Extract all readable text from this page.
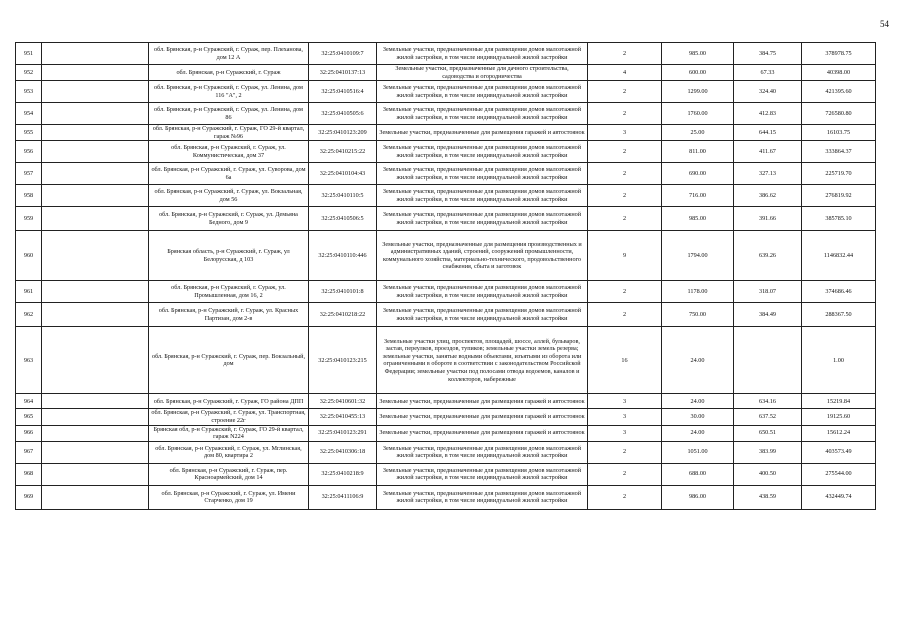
54
951		обл. Брянская, р-н Суражский, г. Сураж, пер. Плеханова, дом 12 А	32:25:0410109:7	Земельные участки, предназначенные для размещения домов малоэтажной жилой застройки, в том числе индивидуальной жилой застройки	2	985.00	384.75	378978.75
952		обл. Брянская, р-н Суражский, г. Сураж	32:25:0410137:13	Земельные участки, предназначенные для дачного строительства, садоводства и огородничества	4	600.00	67.33	40398.00
953		обл. Брянская, р-н Суражский, г. Сураж, ул. Ленина, дом 116 "А", 2	32:25:0410516:4	Земельные участки, предназначенные для размещения домов малоэтажной жилой застройки, в том числе индивидуальной жилой застройки	2	1299.00	324.40	421395.60
954		обл. Брянская, р-н Суражский, г. Сураж, ул. Ленина, дом 86	32:25:0410505:6	Земельные участки, предназначенные для размещения домов малоэтажной жилой застройки, в том числе индивидуальной жилой застройки	2	1760.00	412.83	726580.80
955		обл. Брянская, р-н Суражский, г. Сураж, ГО 29-й квартал, гараж №96	32:25:0410123:209	Земельные участки, предназначенные для размещения гаражей и автостоянок	3	25.00	644.15	16103.75
956		обл. Брянская, р-н Суражский, г. Сураж, ул. Коммунистическая, дом 37	32:25:0410215:22	Земельные участки, предназначенные для размещения домов малоэтажной жилой застройки, в том числе индивидуальной жилой застройки	2	811.00	411.67	333864.37
957		обл. Брянская, р-н Суражский, г. Сураж, ул. Суворова, дом 6а	32:25:0410104:43	Земельные участки, предназначенные для размещения домов малоэтажной жилой застройки, в том числе индивидуальной жилой застройки	2	690.00	327.13	225719.70
958		обл. Брянская, р-н Суражский, г. Сураж, ул. Вокзальная, дом 56	32:25:0410110:5	Земельные участки, предназначенные для размещения домов малоэтажной жилой застройки, в том числе индивидуальной жилой застройки	2	716.00	386.62	276819.92
959		обл. Брянская, р-н Суражский, г. Сураж, ул. Демьяна Бедного, дом 9	32:25:0410506:5	Земельные участки, предназначенные для размещения домов малоэтажной жилой застройки, в том числе индивидуальной жилой застройки	2	985.00	391.66	385785.10
960		Брянская область, р-н Суражский, г. Сураж, ул Белорусская, д 103	32:25:0410110:446	Земельные участки, предназначенные для размещения производственных и административных зданий, строений, сооружений промышленности, коммунального хозяйства, материально-технического, продовольственного снабжения, сбыта и заготовок	9	1794.00	639.26	1146832.44
961		обл. Брянская, р-н Суражский, г. Сураж, ул. Промышленная, дом 16, 2	32:25:0410101:8	Земельные участки, предназначенные для размещения домов малоэтажной жилой застройки, в том числе индивидуальной жилой застройки	2	1178.00	318.07	374686.46
962		обл. Брянская, р-н Суражский, г. Сураж, ул. Красных Партизан, дом 2-в	32:25:0410218:22	Земельные участки, предназначенные для размещения домов малоэтажной жилой застройки, в том числе индивидуальной жилой застройки	2	750.00	384.49	288367.50
963		обл. Брянская, р-н Суражский, г. Сураж, пер. Вокзальный, дом	32:25:0410123:215	Земельные участки улиц, проспектов, площадей, шоссе, аллей, бульваров, застав, переулков, проездов, тупиков; земельные участки земель резерва; земельные участки, занятые водными объектами, изъятыми из оборота или ограниченными в обороте в соответствии с законодательством Российской Федерации; земельные участки под полосами отвода водоемов, каналов и коллекторов, набережные	16	24.00		1.00
964		обл. Брянская, р-н Суражский, г. Сураж, ГО района ДПП	32:25:0410601:32	Земельные участки, предназначенные для размещения гаражей и автостоянок	3	24.00	634.16	15219.84
965		обл. Брянская, р-н Суражский, г. Сураж, ул. Транспортная, строение 22г	32:25:0410455:13	Земельные участки, предназначенные для размещения гаражей и автостоянок	3	30.00	637.52	19125.60
966		Брянская обл, р-н Суражский, г. Сураж, ГО 29-й квартал, гараж N224	32:25:0410123:291	Земельные участки, предназначенные для размещения гаражей и автостоянок	3	24.00	650.51	15612.24
967		обл. Брянская, р-н Суражский, г. Сураж, ул. Мглинская, дом 80, квартира 2	32:25:0410306:18	Земельные участки, предназначенные для размещения домов малоэтажной жилой застройки, в том числе индивидуальной жилой застройки	2	1051.00	383.99	403573.49
968		обл. Брянская, р-н Суражский, г. Сураж, пер. Красноармейский, дом 14	32:25:0410218:9	Земельные участки, предназначенные для размещения домов малоэтажной жилой застройки, в том числе индивидуальной жилой застройки	2	688.00	400.50	275544.00
969		обл. Брянская, р-н Суражский, г. Сураж, ул. Имени Старченко, дом 19	32:25:0411106:9	Земельные участки, предназначенные для размещения домов малоэтажной жилой застройки, в том числе индивидуальной жилой застройки	2	986.00	438.59	432449.74
